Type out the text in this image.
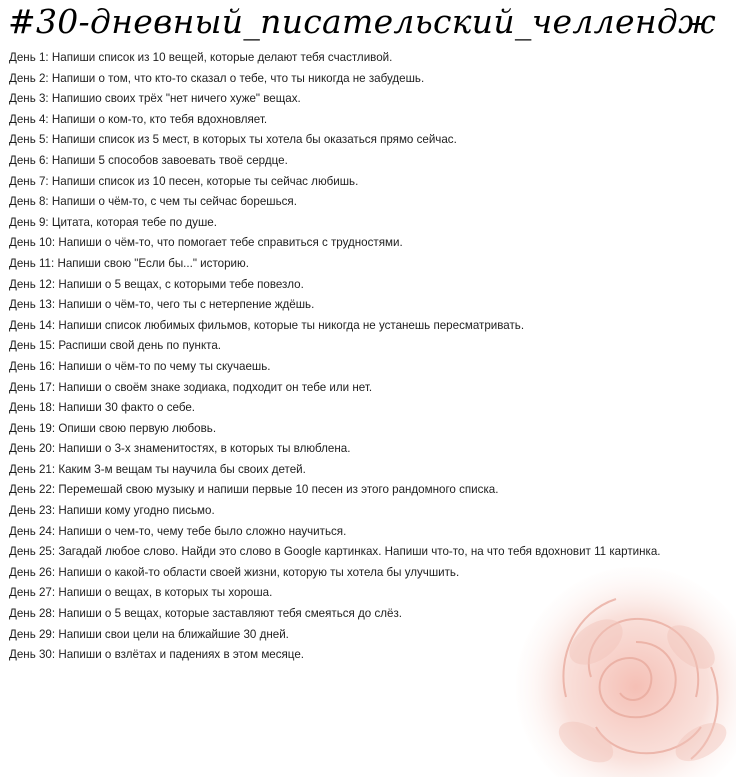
#30-дневный_писательский_челлендж
День 1: Напиши список из 10 вещей, которые делают тебя счастливой.
День 2: Напиши о том, что кто-то сказал о тебе, что ты никогда не забудешь.
День 3: Напишио своих трёх "нет ничего хуже" вещах.
День 4: Напиши о ком-то, кто тебя вдохновляет.
День 5: Напиши список из 5 мест, в которых ты хотела бы оказаться прямо сейчас.
День 6: Напиши 5 способов завоевать твоё сердце.
День 7: Напиши список из 10 песен, которые ты сейчас любишь.
День 8: Напиши о чём-то, с чем ты сейчас борешься.
День 9: Цитата, которая тебе по душе.
День 10: Напиши о чём-то, что помогает тебе справиться с трудностями.
День 11: Напиши свою "Если бы..." историю.
День 12: Напиши о 5 вещах, с которыми тебе повезло.
День 13: Напиши о чём-то, чего ты с нетерпение ждёшь.
День 14: Напиши список любимых фильмов, которые ты никогда не устанешь пересматривать.
День 15: Распиши свой день по пункта.
День 16: Напиши о чём-то по чему ты скучаешь.
День 17: Напиши о своём знаке зодиака, подходит он тебе или нет.
День 18: Напиши 30 факто о себе.
День 19: Опиши свою первую любовь.
День 20: Напиши о 3-х знаменитостях, в которых ты влюблена.
День 21: Каким 3-м вещам ты научила бы своих детей.
День 22: Перемешай свою музыку и напиши первые 10 песен из этого рандомного списка.
День 23: Напиши кому угодно письмо.
День 24: Напиши о чем-то, чему тебе было сложно научиться.
День 25: Загадай любое слово. Найди это слово в Google картинках. Напиши что-то, на что тебя вдохновит 11 картинка.
День 26: Напиши о какой-то области своей жизни, которую ты хотела бы улучшить.
День 27: Напиши о вещах, в которых ты хороша.
День 28: Напиши о 5 вещах, которые заставляют тебя смеяться до слёз.
День 29: Напиши свои цели на ближайшие 30 дней.
День 30: Напиши о взлётах и падениях в этом месяце.
